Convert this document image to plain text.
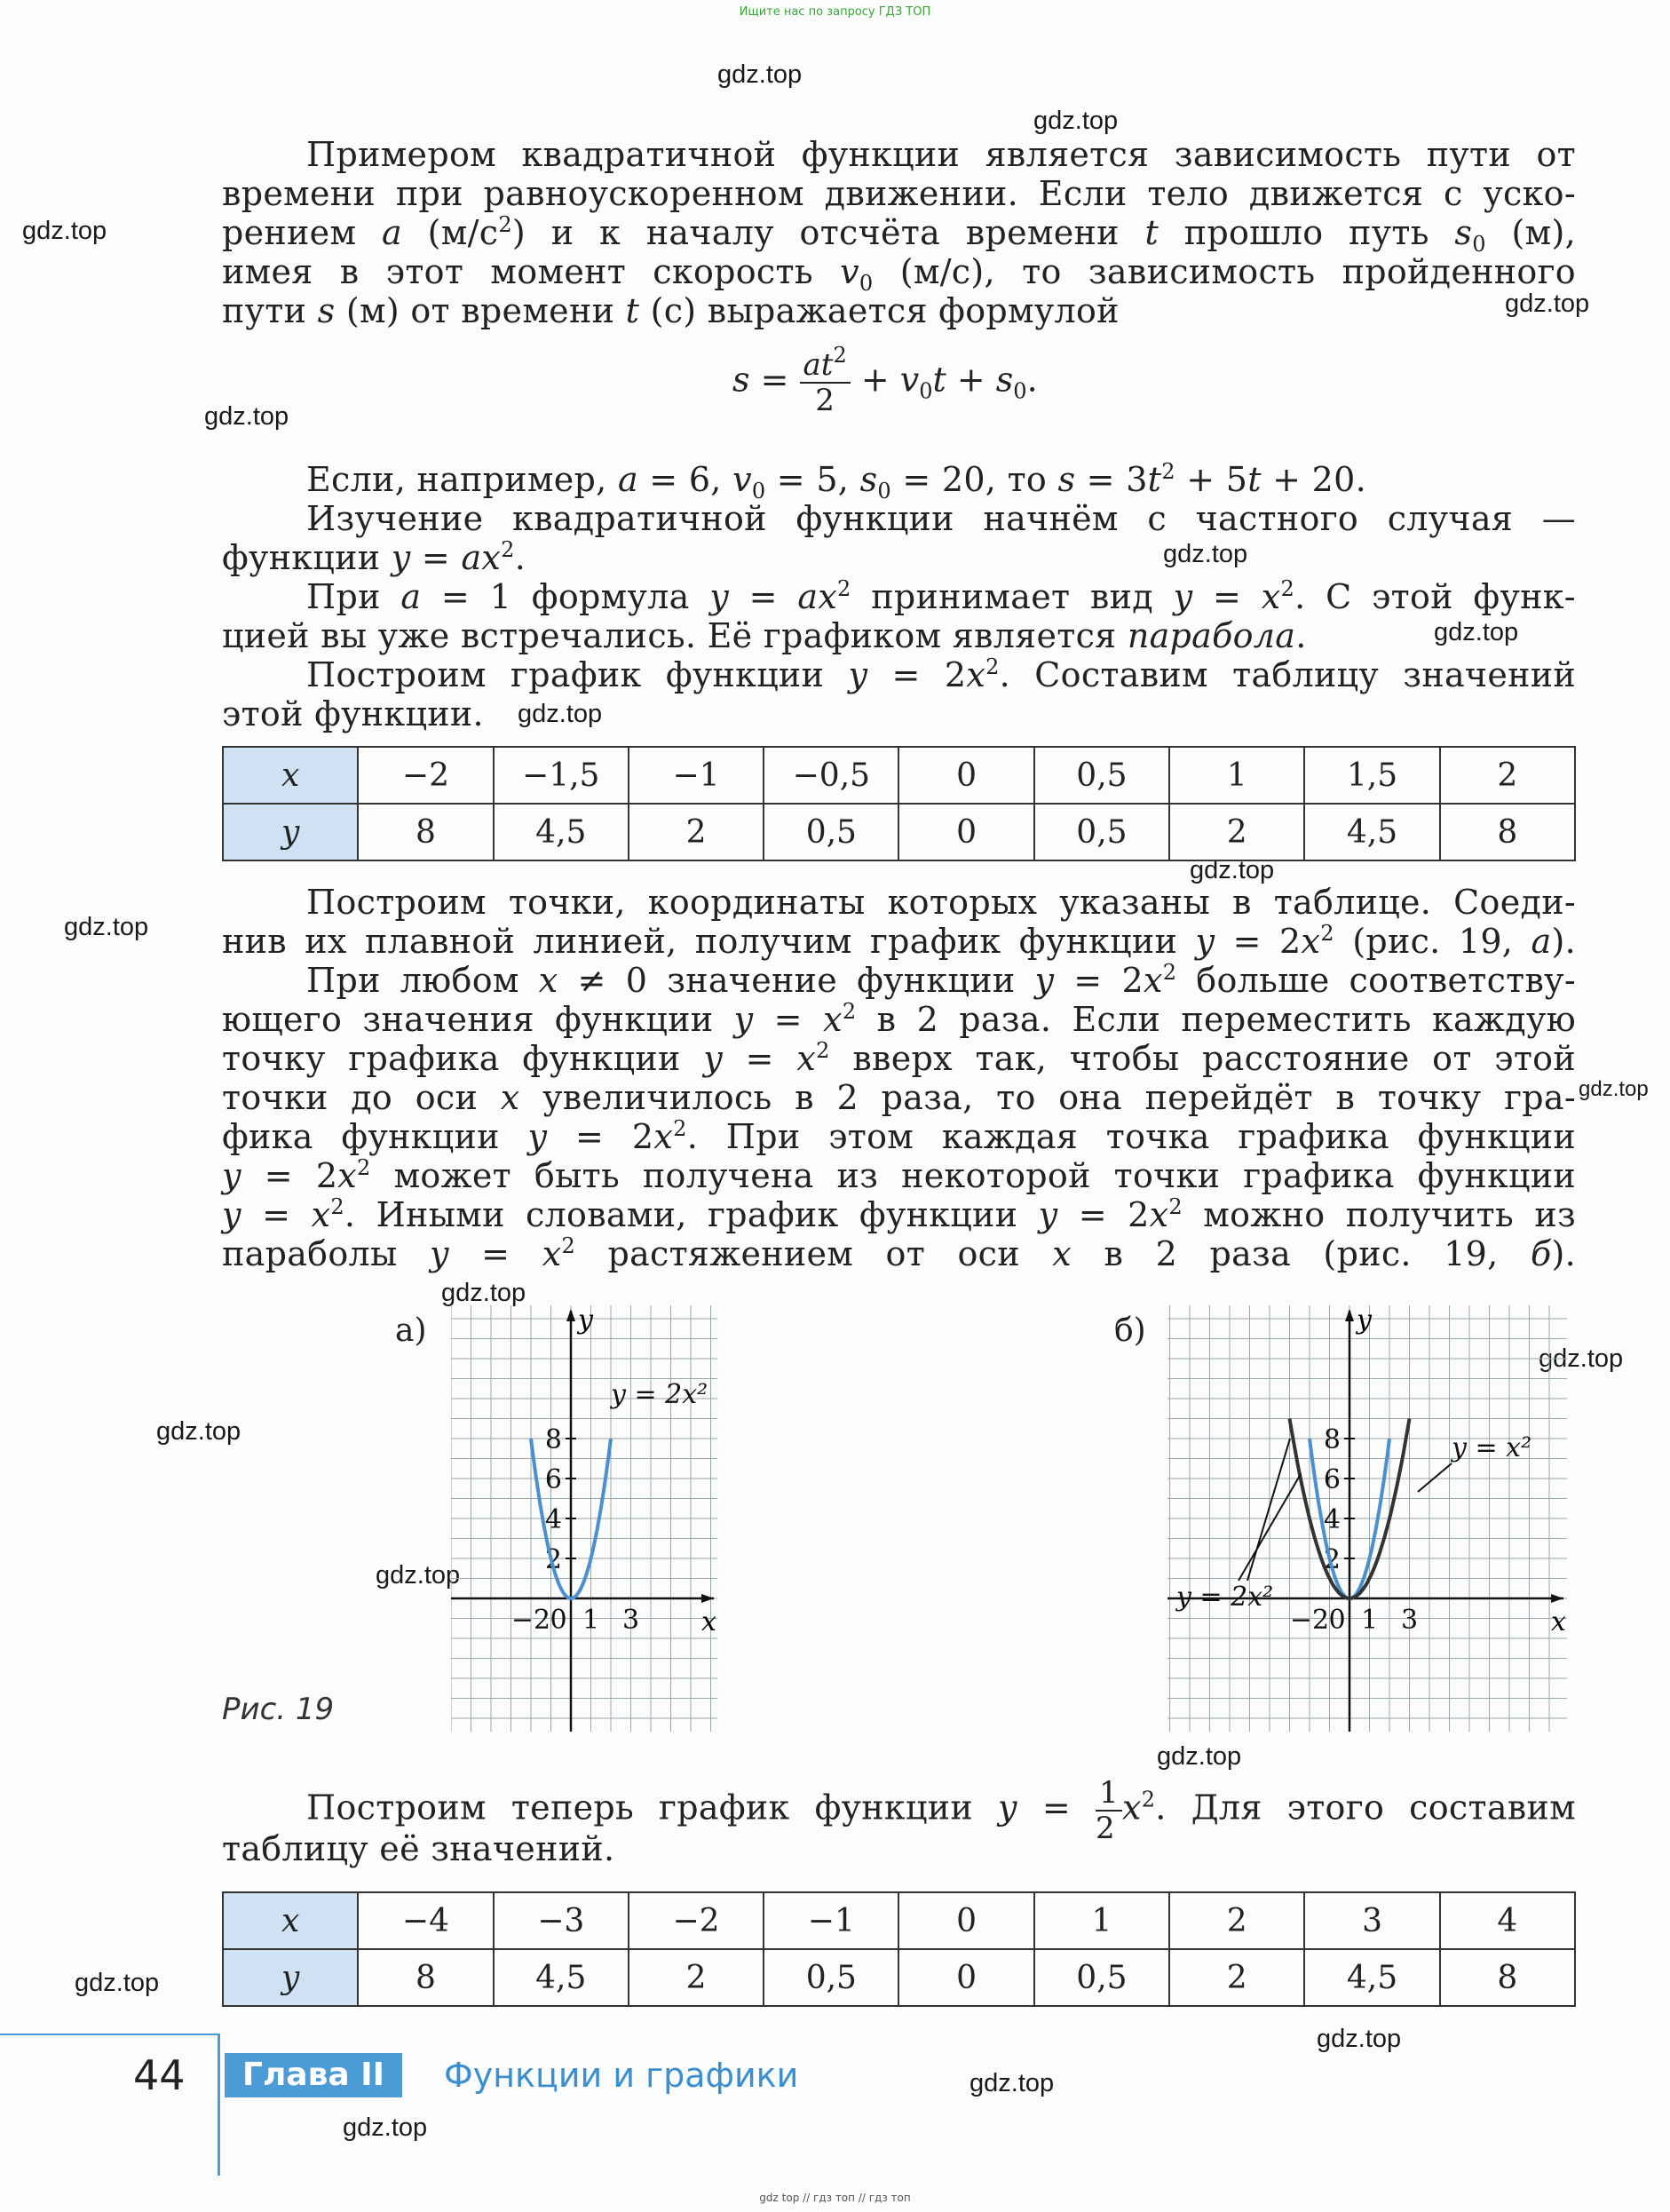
Ищите нас по запросу ГДЗ ТОП
gdz.top
gdz.top
gdz.top
gdz.top
gdz.top
gdz.top
gdz.top
gdz.top
gdz.top
gdz.top
gdz.top
gdz.top
gdz.top
gdz.top
gdz.top
gdz.top
gdz.top
gdz.top
gdz.top
gdz.top
Примером квадратичной функции является зависимость пути от
времени при равноускоренном движении. Если тело движется с уско-
рением a $(м/с^2)$ и к началу отсчёта времени t прошло путь $s_0$ (м),
имея в этот момент скорость $v_0$ (м/с), то зависимость пройденного
пути s (м) от времени t (с) выражается формулой
$s = \frac{at^2}{2} + v_0t + s_0$.
Если, например, a = 6, $v_0 = 5$, $s_0 = 20$, то $s = 3t^2 + 5t + 20$.
Изучение квадратичной функции начнём с частного случая —
функции $y = ax^2$.
При a = 1 формула $y = ax^2$ принимает вид $y = x^2$. С этой функ-
цией вы уже встречались. Её графиком является парабола.
Построим график функции $y = 2x^2$. Составим таблицу значений
этой функции.
x	−2	−1,5	−1	−0,5	0	0,5	1	1,5	2
y	8	4,5	2	0,5	0	0,5	2	4,5	8
Построим точки, координаты которых указаны в таблице. Соеди-
нив их плавной линией, получим график функции $y = 2x^2$ (рис. 19, а).
При любом x ≠ 0 значение функции $y = 2x^2$ больше соответству-
ющего значения функции $y = x^2$ в 2 раза. Если переместить каждую
точку графика функции $y = x^2$ вверх так, чтобы расстояние от этой
точки до оси x увеличилось в 2 раза, то она перейдёт в точку гра-
фика функции $y = 2x^2$. При этом каждая точка графика функции
$y = 2x^2$ может быть получена из некоторой точки графика функции
$y = x^2$. Иными словами, график функции $y = 2x^2$ можно получить из
параболы $y = x^2$ растяжением от оси x в 2 раза (рис. 19, б).
а)	б)
x
y
8
6
4
2
−2 0 1 3
y = 2x²
x
y
8
6
4
2
−2 0 1 3
y = x²
y = 2x²
Рис. 19
Построим теперь график функции $y = \frac{1}{2} x^2$. Для этого составим
таблицу её значений.
x	−4	−3	−2	−1	0	1	2	3	4
y	8	4,5	2	0,5	0	0,5	2	4,5	8
44	Глава II	Функции и графики
gdz top // гдз топ // гдз топ
